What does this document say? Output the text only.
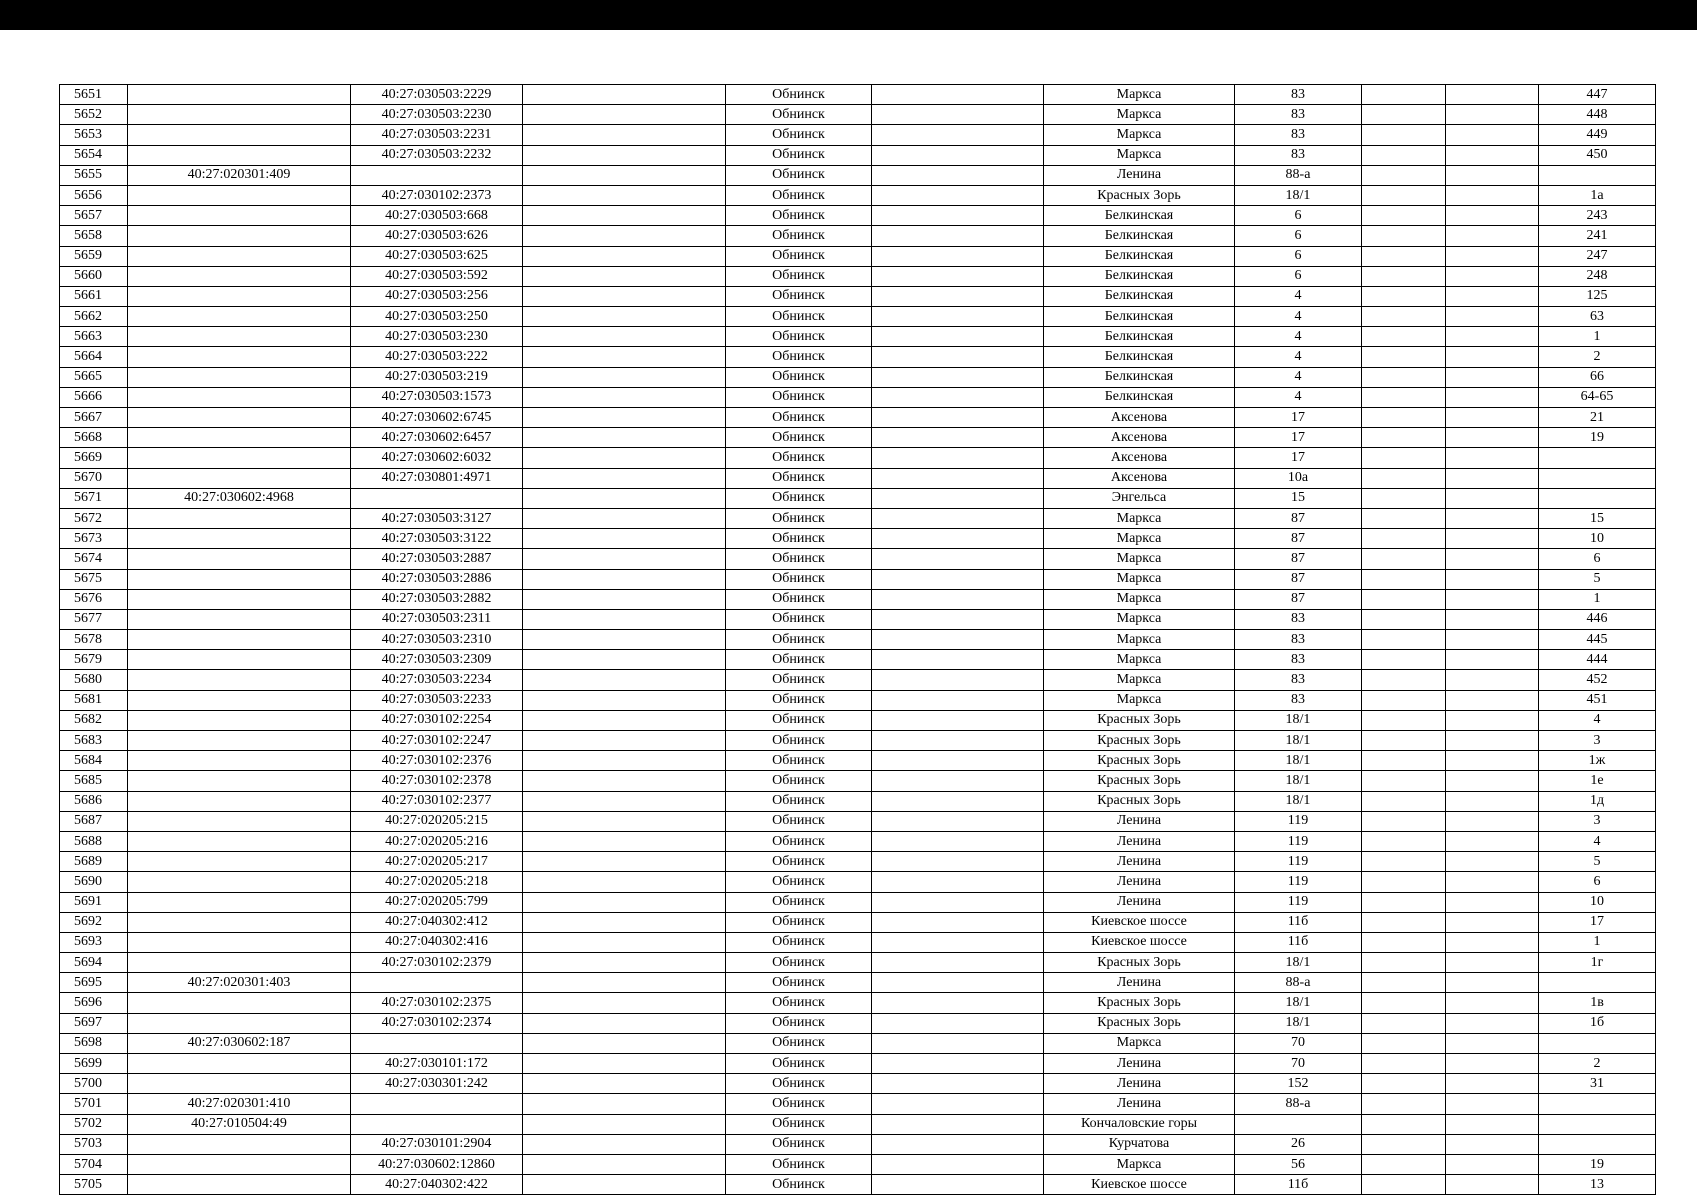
5651		40:27:030503:2229		Обнинск		Маркса	83			447
5652		40:27:030503:2230		Обнинск		Маркса	83			448
5653		40:27:030503:2231		Обнинск		Маркса	83			449
5654		40:27:030503:2232		Обнинск		Маркса	83			450
5655	40:27:020301:409			Обнинск		Ленина	88-а			
5656		40:27:030102:2373		Обнинск		Красных Зорь	18/1			1а
5657		40:27:030503:668		Обнинск		Белкинская	6			243
5658		40:27:030503:626		Обнинск		Белкинская	6			241
5659		40:27:030503:625		Обнинск		Белкинская	6			247
5660		40:27:030503:592		Обнинск		Белкинская	6			248
5661		40:27:030503:256		Обнинск		Белкинская	4			125
5662		40:27:030503:250		Обнинск		Белкинская	4			63
5663		40:27:030503:230		Обнинск		Белкинская	4			1
5664		40:27:030503:222		Обнинск		Белкинская	4			2
5665		40:27:030503:219		Обнинск		Белкинская	4			66
5666		40:27:030503:1573		Обнинск		Белкинская	4			64-65
5667		40:27:030602:6745		Обнинск		Аксенова	17			21
5668		40:27:030602:6457		Обнинск		Аксенова	17			19
5669		40:27:030602:6032		Обнинск		Аксенова	17			
5670		40:27:030801:4971		Обнинск		Аксенова	10а			
5671	40:27:030602:4968			Обнинск		Энгельса	15			
5672		40:27:030503:3127		Обнинск		Маркса	87			15
5673		40:27:030503:3122		Обнинск		Маркса	87			10
5674		40:27:030503:2887		Обнинск		Маркса	87			6
5675		40:27:030503:2886		Обнинск		Маркса	87			5
5676		40:27:030503:2882		Обнинск		Маркса	87			1
5677		40:27:030503:2311		Обнинск		Маркса	83			446
5678		40:27:030503:2310		Обнинск		Маркса	83			445
5679		40:27:030503:2309		Обнинск		Маркса	83			444
5680		40:27:030503:2234		Обнинск		Маркса	83			452
5681		40:27:030503:2233		Обнинск		Маркса	83			451
5682		40:27:030102:2254		Обнинск		Красных Зорь	18/1			4
5683		40:27:030102:2247		Обнинск		Красных Зорь	18/1			3
5684		40:27:030102:2376		Обнинск		Красных Зорь	18/1			1ж
5685		40:27:030102:2378		Обнинск		Красных Зорь	18/1			1е
5686		40:27:030102:2377		Обнинск		Красных Зорь	18/1			1д
5687		40:27:020205:215		Обнинск		Ленина	119			3
5688		40:27:020205:216		Обнинск		Ленина	119			4
5689		40:27:020205:217		Обнинск		Ленина	119			5
5690		40:27:020205:218		Обнинск		Ленина	119			6
5691		40:27:020205:799		Обнинск		Ленина	119			10
5692		40:27:040302:412		Обнинск		Киевское шоссе	11б			17
5693		40:27:040302:416		Обнинск		Киевское шоссе	11б			1
5694		40:27:030102:2379		Обнинск		Красных Зорь	18/1			1г
5695	40:27:020301:403			Обнинск		Ленина	88-а			
5696		40:27:030102:2375		Обнинск		Красных Зорь	18/1			1в
5697		40:27:030102:2374		Обнинск		Красных Зорь	18/1			1б
5698	40:27:030602:187			Обнинск		Маркса	70			
5699		40:27:030101:172		Обнинск		Ленина	70			2
5700		40:27:030301:242		Обнинск		Ленина	152			31
5701	40:27:020301:410			Обнинск		Ленина	88-а			
5702	40:27:010504:49			Обнинск		Кончаловские горы				
5703		40:27:030101:2904		Обнинск		Курчатова	26			
5704		40:27:030602:12860		Обнинск		Маркса	56			19
5705		40:27:040302:422		Обнинск		Киевское шоссе	11б			13
